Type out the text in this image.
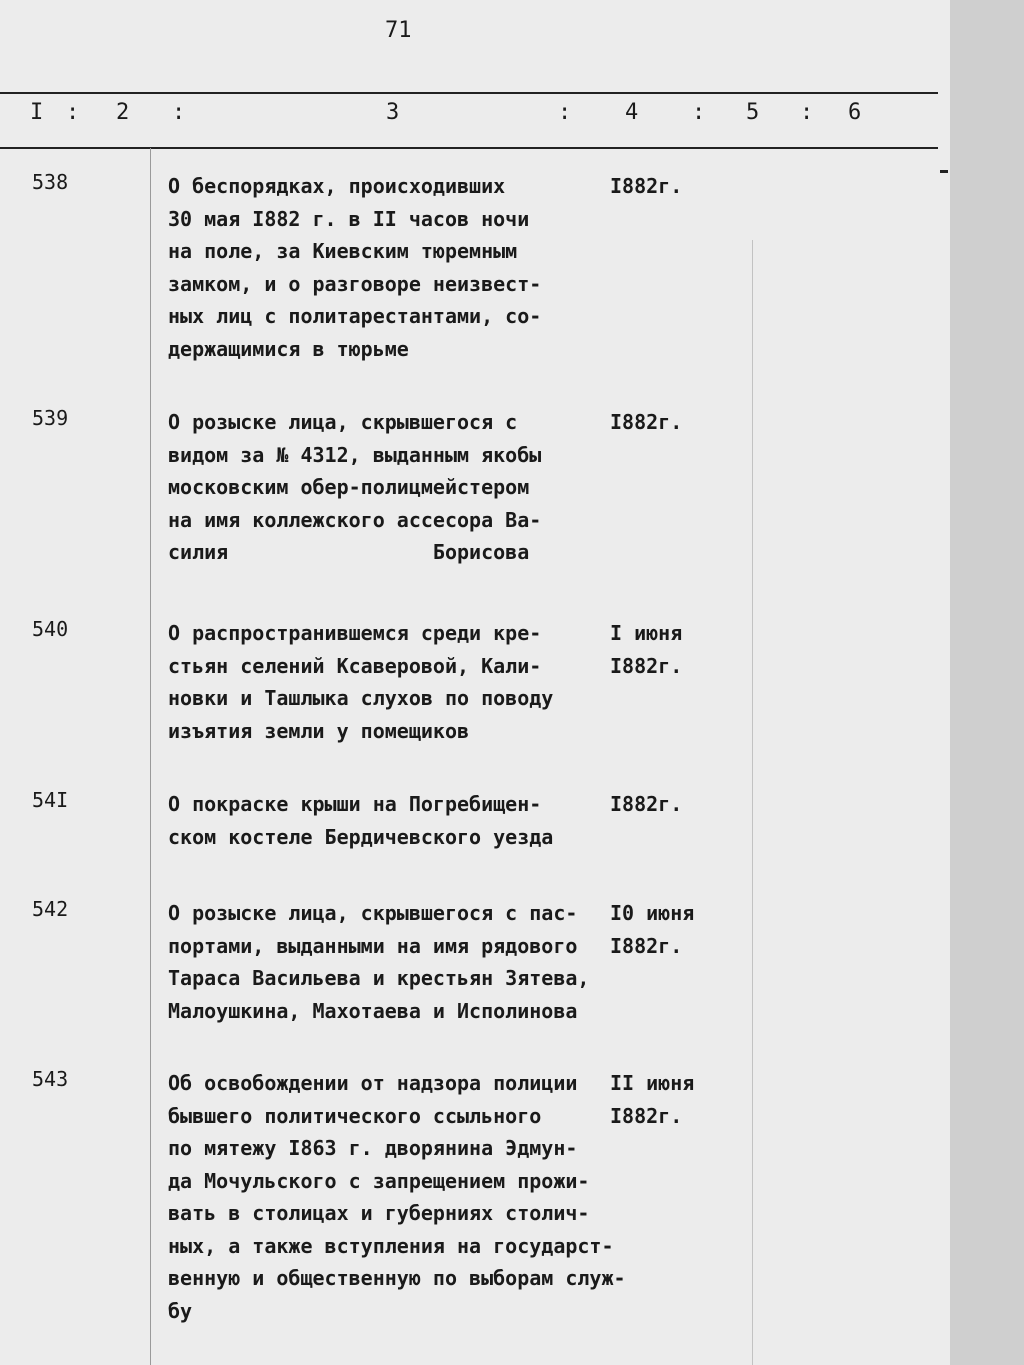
71
I : 2 :	3	: 4 : 5 : 6
538	О беспорядках, происходивших
30 мая I882 г. в II часов ночи
на поле, за Киевским тюремным
замком, и о разговоре неизвест-
ных лиц с политарестантами, со-
держащимися в тюрьме
I882г.
539	О розыске лица, скрывшегося с
видом за № 4312, выданным якобы
московским обер-полицмейстером
на имя коллежского ассесора Ва-
силия                 Борисова
I882г.
540	О распространившемся среди кре-
стьян селений Ксаверовой, Кали-
новки и Ташлыка слухов по поводу
изъятия земли у помещиков
I июня
I882г.
54I	О покраске крыши на Погребищен-
ском костеле Бердичевского уезда
I882г.
542	О розыске лица, скрывшегося с пас-
портами, выданными на имя рядового
Тараса Васильева и крестьян Зятева,
Малоушкина, Махотаева и Исполинова
I0 июня
I882г.
543	Об освобождении от надзора полиции
бывшего политического ссыльного
по мятежу I863 г. дворянина Эдмун-
да Мочульского с запрещением прожи-
вать в столицах и губерниях столич-
ных, а также вступления на государст-
венную и общественную по выборам служ-
бу
II июня
I882г.
